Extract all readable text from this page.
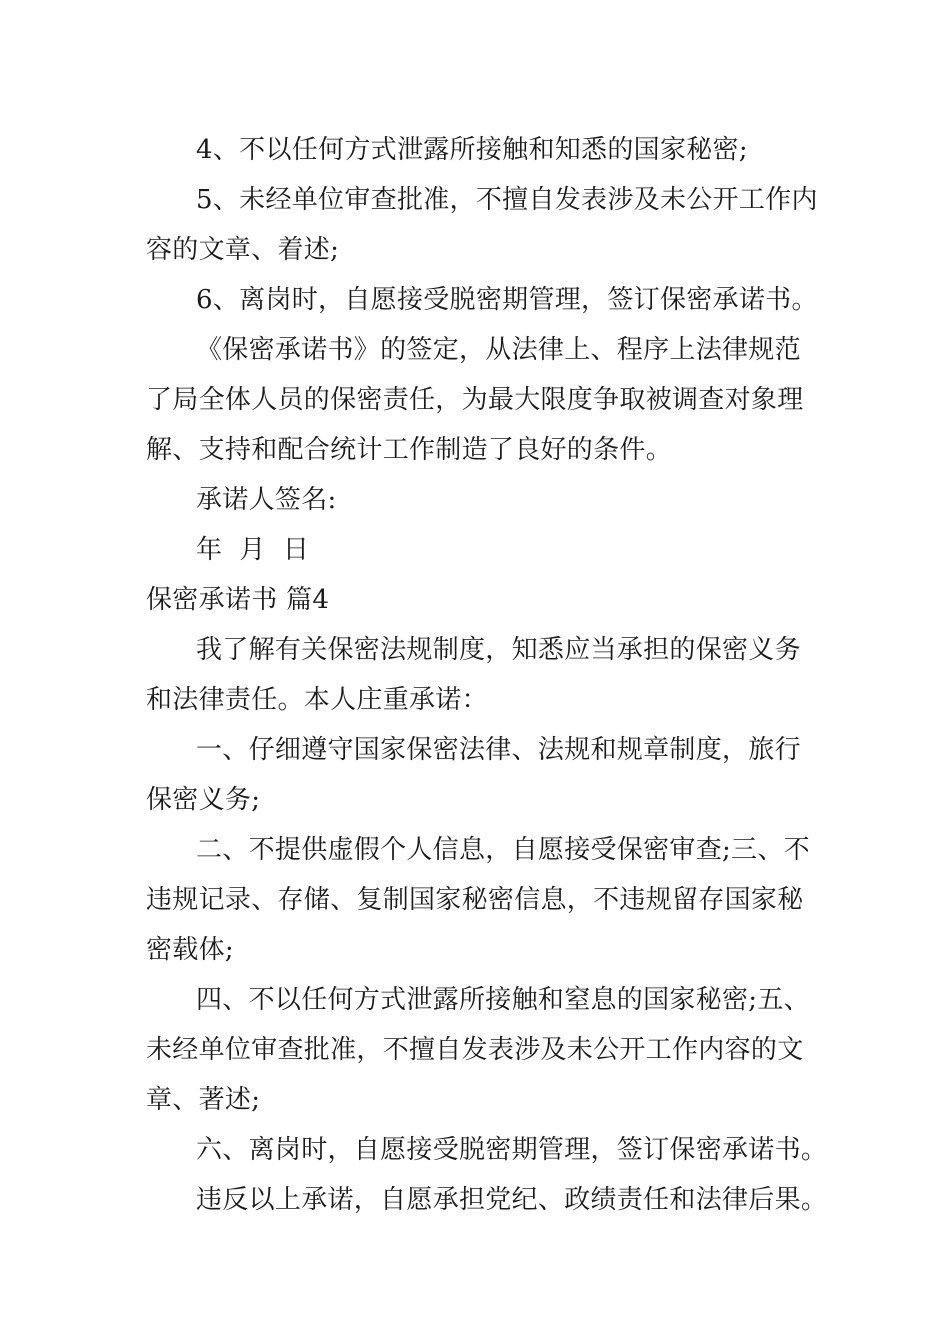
4、不以任何方式泄露所接触和知悉的国家秘密;

5、未经单位审查批准，不擅自发表涉及未公开工作内

容的文章、着述;

6、离岗时，自愿接受脱密期管理，签订保密承诺书。

《保密承诺书》的签定，从法律上、程序上法律规范

了局全体人员的保密责任，为最大限度争取被调查对象理

解、支持和配合统计工作制造了良好的条件。

承诺人签名:

年  月  日

保密承诺书 篇4

我了解有关保密法规制度，知悉应当承担的保密义务

和法律责任。本人庄重承诺：

一、仔细遵守国家保密法律、法规和规章制度，旅行

保密义务;

二、不提供虚假个人信息，自愿接受保密审查;三、不

违规记录、存储、复制国家秘密信息，不违规留存国家秘

密载体;

四、不以任何方式泄露所接触和窒息的国家秘密;五、

未经单位审查批准，不擅自发表涉及未公开工作内容的文

章、著述;

六、离岗时，自愿接受脱密期管理，签订保密承诺书。

违反以上承诺，自愿承担党纪、政绩责任和法律后果。
